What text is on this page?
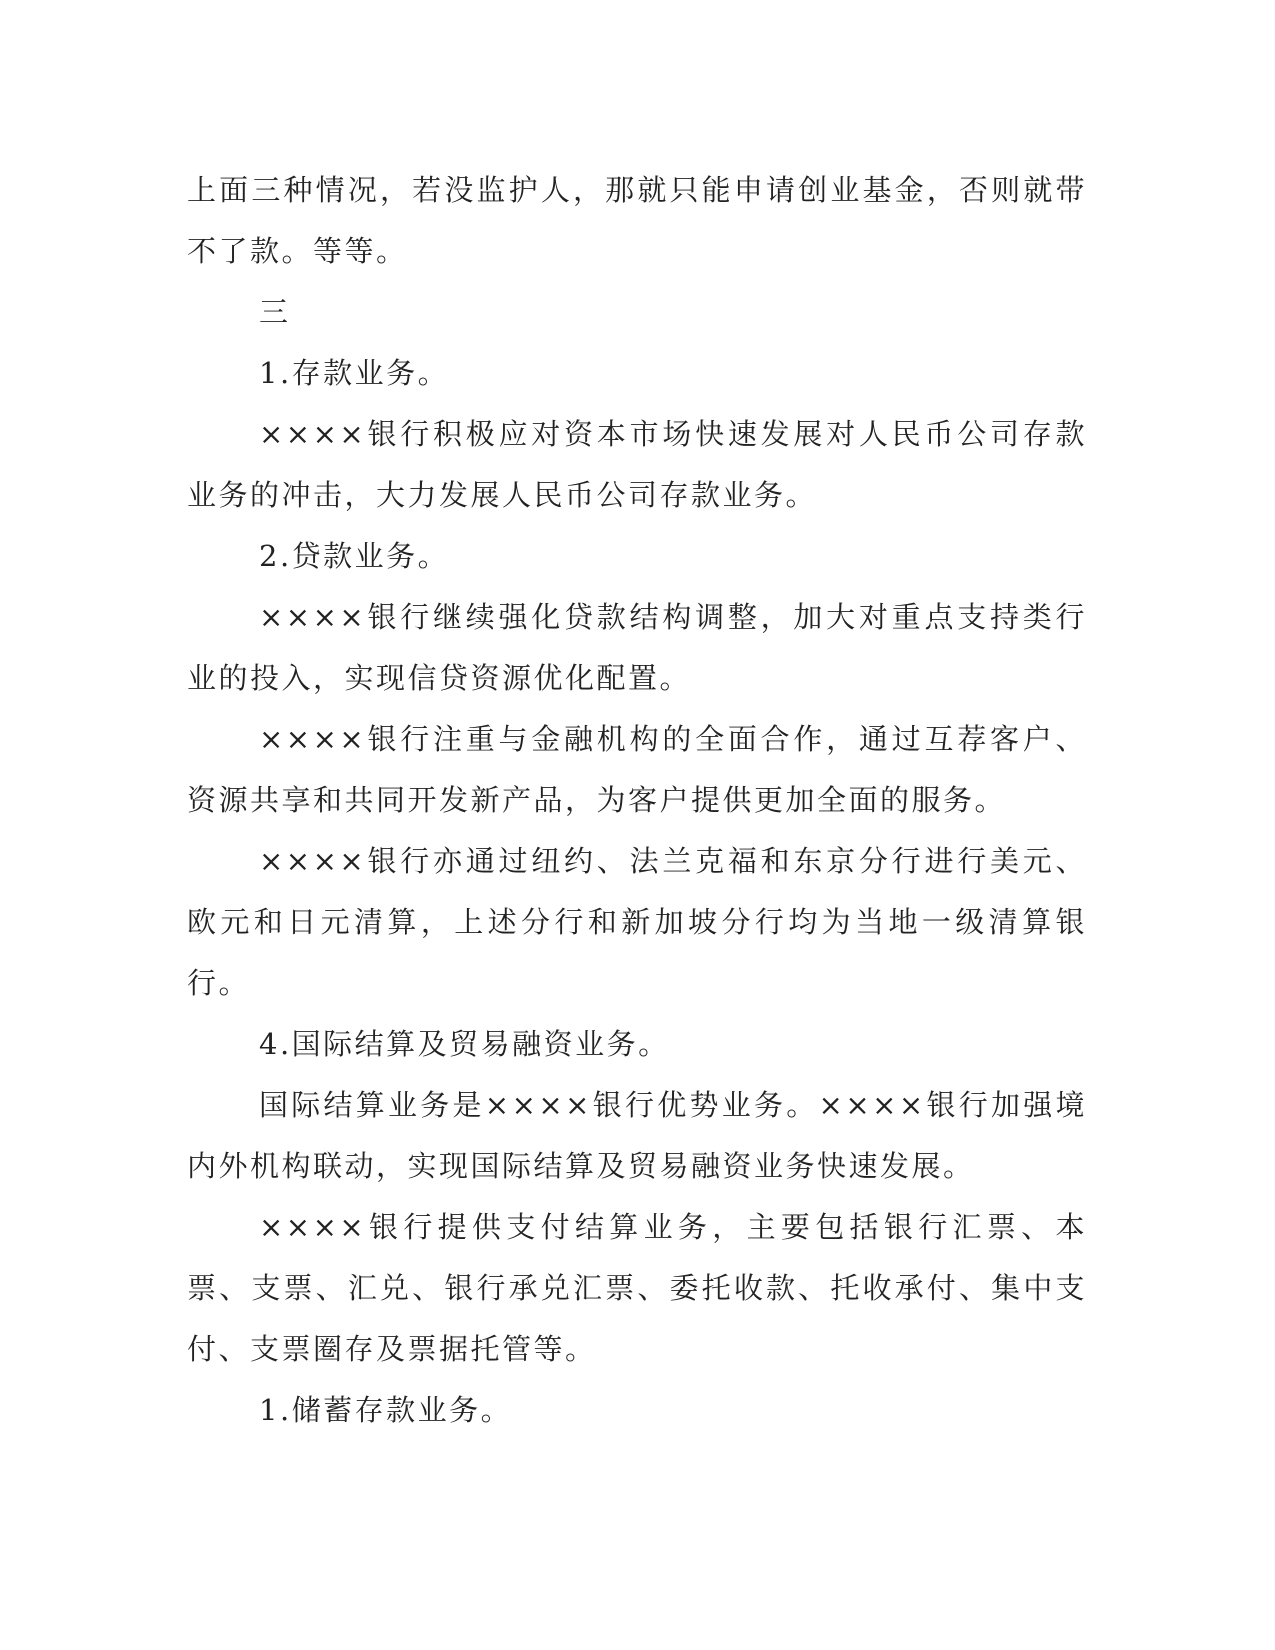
上面三种情况，若没监护人，那就只能申请创业基金，否则就带不了款。等等。

三

1.存款业务。

××××银行积极应对资本市场快速发展对人民币公司存款业务的冲击，大力发展人民币公司存款业务。

2.贷款业务。

××××银行继续强化贷款结构调整，加大对重点支持类行业的投入，实现信贷资源优化配置。

××××银行注重与金融机构的全面合作，通过互荐客户、资源共享和共同开发新产品，为客户提供更加全面的服务。

××××银行亦通过纽约、法兰克福和东京分行进行美元、欧元和日元清算，上述分行和新加坡分行均为当地一级清算银行。

4.国际结算及贸易融资业务。

国际结算业务是××××银行优势业务。××××银行加强境内外机构联动，实现国际结算及贸易融资业务快速发展。

××××银行提供支付结算业务，主要包括银行汇票、本票、支票、汇兑、银行承兑汇票、委托收款、托收承付、集中支付、支票圈存及票据托管等。

1.储蓄存款业务。
